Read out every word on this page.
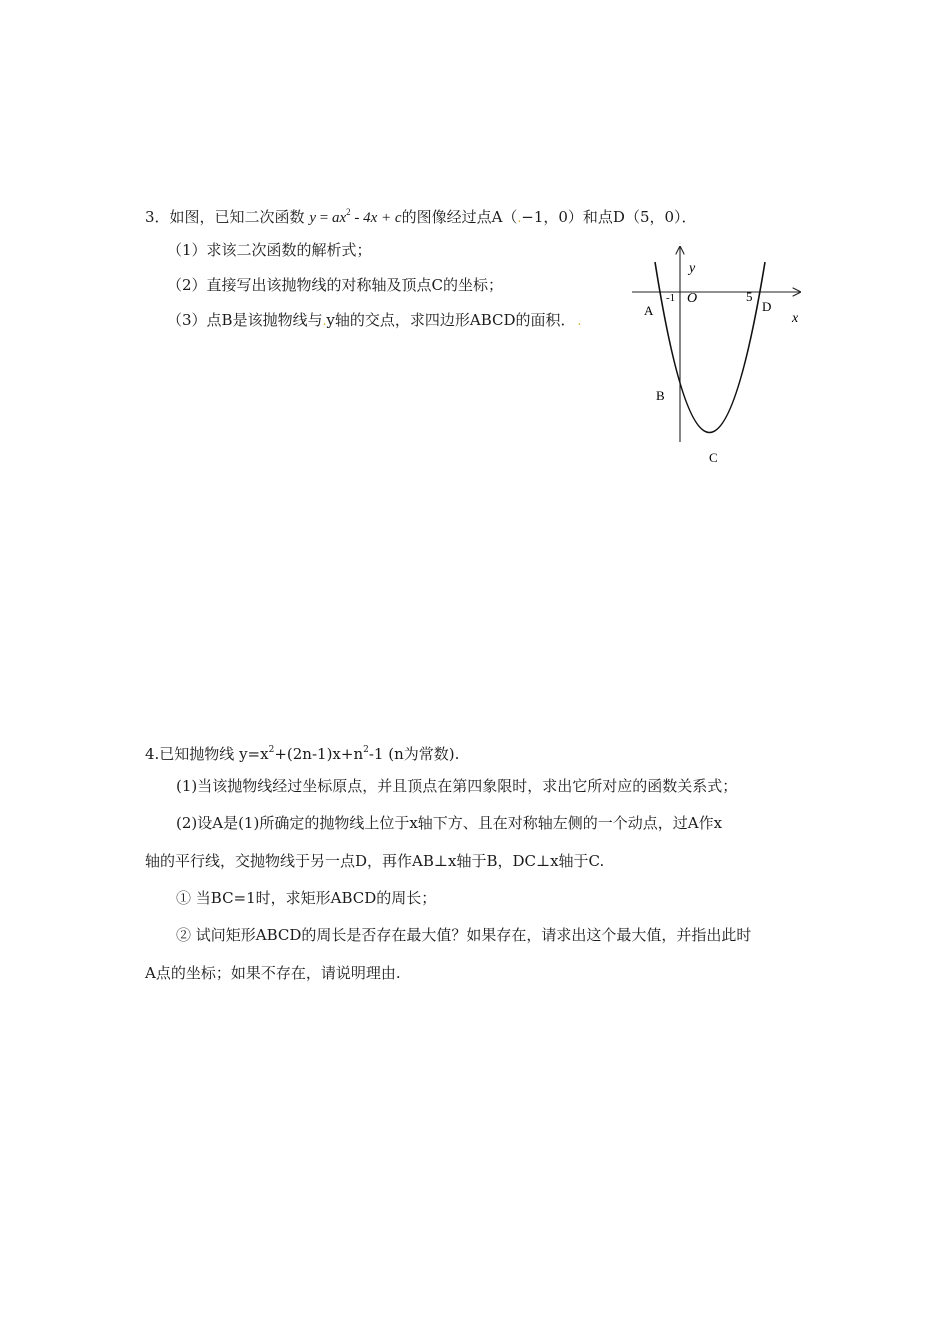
3．如图，已知二次函数 $y = ax^2 - 4x + c$的图像经过点A（.−1，0）和点D（5，0）．
（1）求该二次函数的解析式；
（2）直接写出该抛物线的对称轴及顶点C的坐标；
（3）点B是该抛物线与.y轴的交点，求四边形ABCD的面积． .
y
x
O
-1	5
A	D
B
C
4.已知抛物线 $y=x^2+(2n-1)x+n^2-1$ (n为常数).
(1)当该抛物线经过坐标原点，并且顶点在第四象限时，求出它所对应的函数关系式；
(2)设A是(1)所确定的抛物线上位于x轴下方、且在对称轴左侧的一个动点，过A作x
轴的平行线，交抛物线于另一点D，再作AB⊥x轴于B，DC⊥x轴于C.
① 当BC=1时，求矩形ABCD的周长；
② 试问矩形ABCD的周长是否存在最大值？如果存在，请求出这个最大值，并指出此时
A点的坐标；如果不存在，请说明理由.
